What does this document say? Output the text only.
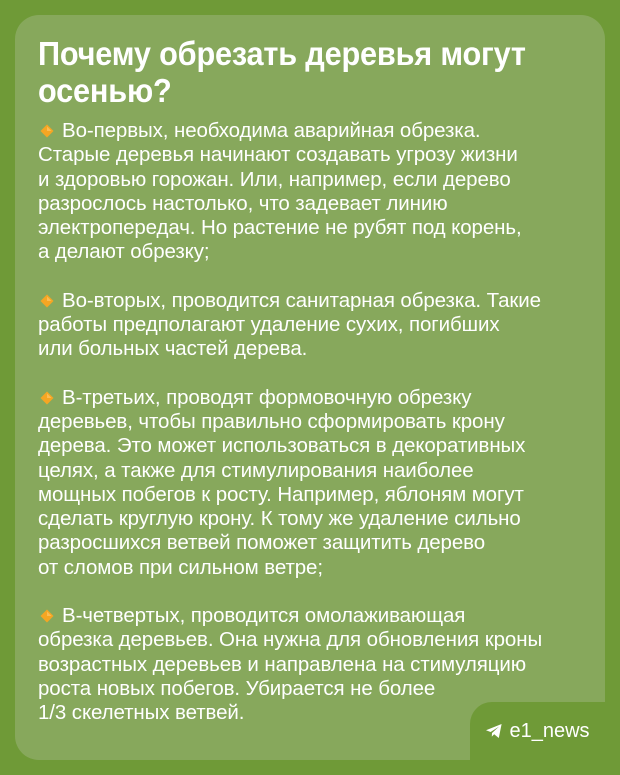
Почему обрезать деревья могут
осенью?
Во-первых, необходима аварийная обрезка.
Старые деревья начинают создавать угрозу жизни
и здоровью горожан. Или, например, если дерево
разрослось настолько, что задевает линию
электропередач. Но растение не рубят под корень,
а делают обрезку;
Во-вторых, проводится санитарная обрезка. Такие
работы предполагают удаление сухих, погибших
или больных частей дерева.
В-третьих, проводят формовочную обрезку
деревьев, чтобы правильно сформировать крону
дерева. Это может использоваться в декоративных
целях, а также для стимулирования наиболее
мощных побегов к росту. Например, яблоням могут
сделать круглую крону. К тому же удаление сильно
разросшихся ветвей поможет защитить дерево
от сломов при сильном ветре;
В-четвертых, проводится омолаживающая
обрезка деревьев. Она нужна для обновления кроны
возрастных деревьев и направлена на стимуляцию
роста новых побегов. Убирается не более
1/3 скелетных ветвей.
e1_news
